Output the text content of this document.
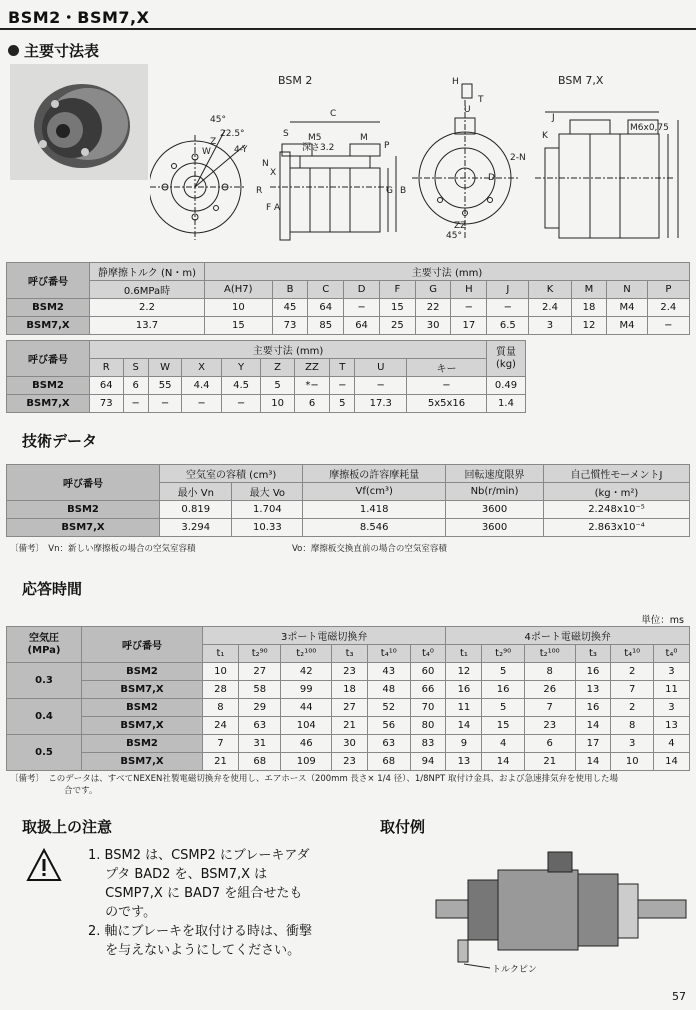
BSM2・BSM7,X
主要寸法表
BSM 2	BSM 7,X
45°
22.5°
4-Y
M5
深さ3.2
M6x0,75
2-N
45°
S
C
M
P
N
X
W
Z
R
F A
G B
H
T
U
J
K
D
ZZ
呼び番号	静摩擦トルク (N・m)	主要寸法 (mm)											
	0.6MPa時	A(H7)	B	C	D	F	G	H	J	K	M	N	P
BSM2	2.2	10	45	64	−	15	22	−	−	2.4	18	M4	2.4
BSM7,X	13.7	15	73	85	64	25	30	17	6.5	3	12	M4	−
呼び番号	主要寸法 (mm)										質量
(kg)
	R	S	W	X	Y	Z	ZZ	T	U	キー	
BSM2	64	6	55	4.4	4.5	5	*−	−	−	−	0.49
BSM7,X	73	−	−	−	−	10	6	5	17.3	5x5x16	1.4
技術データ
呼び番号	空気室の容積 (cm³)		摩擦板の許容摩耗量	回転速度限界	自己慣性モーメントJ
	最小 Vn	最大 Vo	Vf(cm³)	Nb(r/min)	(kg・m²)
BSM2	0.819	1.704	1.418	3600	2.248x10⁻⁵
BSM7,X	3.294	10.33	8.546	3600	2.863x10⁻⁴
〔備考〕　Vn：新しい摩擦板の場合の空気室容積	Vo：摩擦板交換直前の場合の空気室容積
応答時間
単位：ms
空気圧
(MPa)	呼び番号	3ポート電磁切換弁						4ポート電磁切換弁					
		t₁	t₂⁹⁰	t₂¹⁰⁰	t₃	t₄¹⁰	t₄⁰	t₁	t₂⁹⁰	t₂¹⁰⁰	t₃	t₄¹⁰	t₄⁰
0.3	BSM2	10	27	42	23	43	60	12	5	8	16	2	3
	BSM7,X	28	58	99	18	48	66	16	16	26	13	7	11
0.4	BSM2	8	29	44	27	52	70	11	5	7	16	2	3
	BSM7,X	24	63	104	21	56	80	14	15	23	14	8	13
0.5	BSM2	7	31	46	30	63	83	9	4	6	17	3	4
	BSM7,X	21	68	109	23	68	94	13	14	21	14	10	14
〔備考〕　このデータは、すべてNEXEN社製電磁切換弁を使用し、エアホース（200mm 長さ× 1/4 径）、1/8NPT 取付け金具、および急速排気弁を使用した場
合です。
取扱上の注意
1. BSM2 は、CSMP2 にブレーキアダ
　 プタ BAD2 を、BSM7,X は
　 CSMP7,X に BAD7 を組合せたも
　 のです。
2. 軸にブレーキを取付ける時は、衝撃
　 を与えないようにしてください。
取付例
トルクピン
57
